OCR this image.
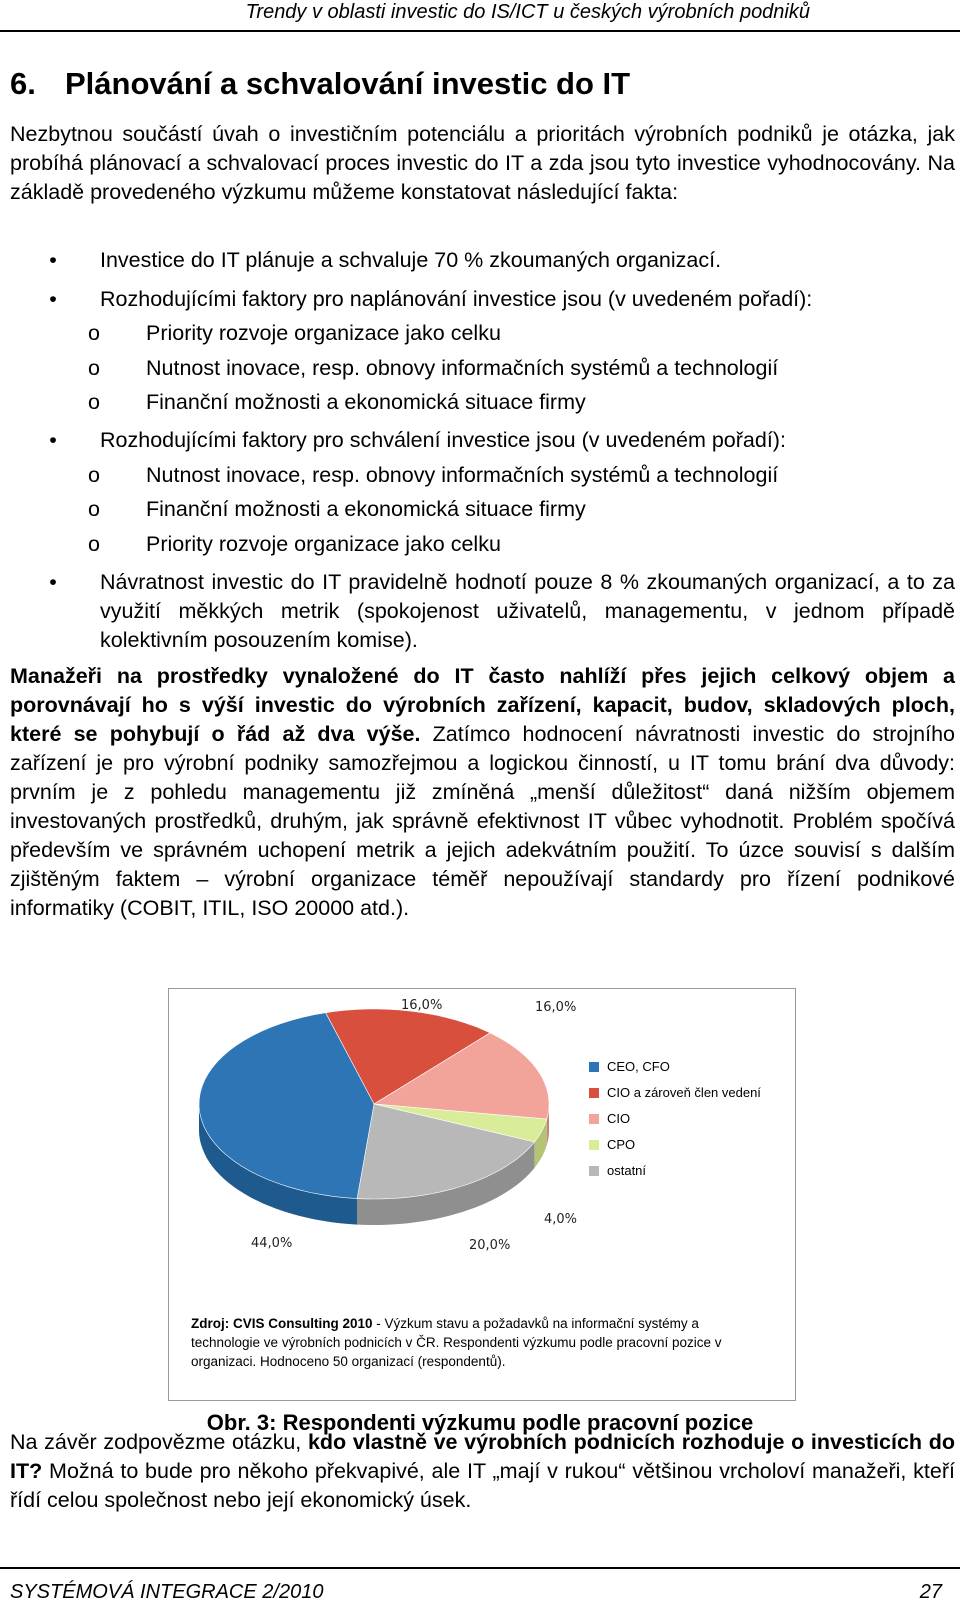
Trendy v oblasti investic do IS/ICT u českých výrobních podniků
6. Plánování a schvalování investic do IT
Nezbytnou součástí úvah o investičním potenciálu a prioritách výrobních podniků je otázka, jak probíhá plánovací a schvalovací proces investic do IT a zda jsou tyto investice vyhodnocovány. Na základě provedeného výzkumu můžeme konstatovat následující fakta:
• Investice do IT plánuje a schvaluje 70 % zkoumaných organizací.
• Rozhodujícími faktory pro naplánování investice jsou (v uvedeném pořadí):
o Priority rozvoje organizace jako celku
o Nutnost inovace, resp. obnovy informačních systémů a technologií
o Finanční možnosti a ekonomická situace firmy
• Rozhodujícími faktory pro schválení investice jsou (v uvedeném pořadí):
o Nutnost inovace, resp. obnovy informačních systémů a technologií
o Finanční možnosti a ekonomická situace firmy
o Priority rozvoje organizace jako celku
• Návratnost investic do IT pravidelně hodnotí pouze 8 % zkoumaných organizací, a to za využití měkkých metrik (spokojenost uživatelů, managementu, v jednom případě kolektivním posouzením komise).
Manažeři na prostředky vynaložené do IT často nahlíží přes jejich celkový objem a porovnávají ho s výší investic do výrobních zařízení, kapacit, budov, skladových ploch, které se pohybují o řád až dva výše. Zatímco hodnocení návratnosti investic do strojního zařízení je pro výrobní podniky samozřejmou a logickou činností, u IT tomu brání dva důvody: prvním je z pohledu managementu již zmíněná „menší důležitost“ daná nižším objemem investovaných prostředků, druhým, jak správně efektivnost IT vůbec vyhodnotit. Problém spočívá především ve správném uchopení metrik a jejich adekvátním použití. To úzce souvisí s dalším zjištěným faktem – výrobní organizace téměř nepoužívají standardy pro řízení podnikové informatiky (COBIT, ITIL, ISO 20000 atd.).
16,0%	16,0%
4,0%
20,0%
44,0%
CEO, CFO
CIO a zároveň člen vedení
CIO
CPO
ostatní
Zdroj: CVIS Consulting 2010 - Výzkum stavu a požadavků na informační systémy a technologie ve výrobních podnicích v ČR. Respondenti výzkumu podle pracovní pozice v organizaci. Hodnoceno 50 organizací (respondentů).
Obr. 3: Respondenti výzkumu podle pracovní pozice
Na závěr zodpovězme otázku, kdo vlastně ve výrobních podnicích rozhoduje o investicích do IT? Možná to bude pro někoho překvapivé, ale IT „mají v rukou“ většinou vrcholoví manažeři, kteří řídí celou společnost nebo její ekonomický úsek.
SYSTÉMOVÁ INTEGRACE 2/2010	27
